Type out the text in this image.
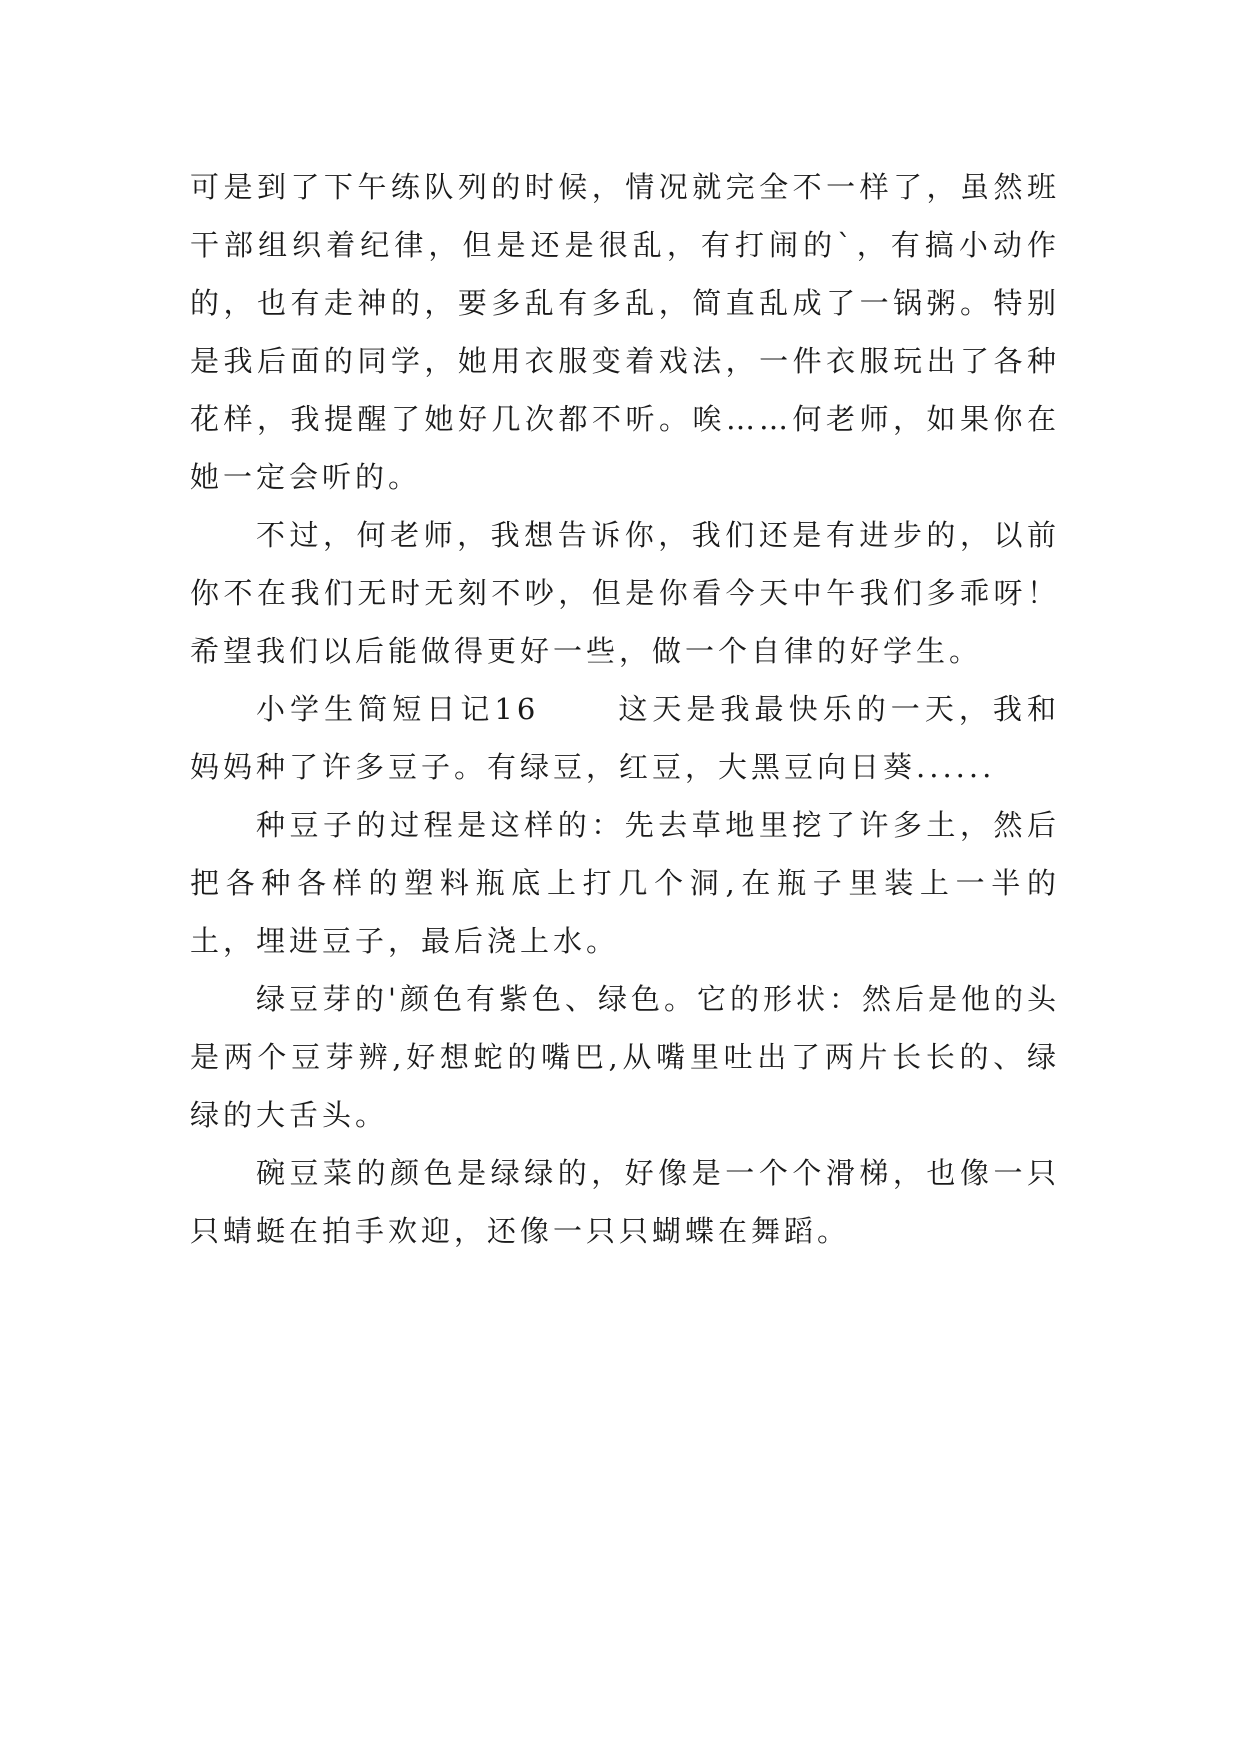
可是到了下午练队列的时候，情况就完全不一样了，虽然班干部组织着纪律，但是还是很乱，有打闹的`，有搞小动作的，也有走神的，要多乱有多乱，简直乱成了一锅粥。特别是我后面的同学，她用衣服变着戏法，一件衣服玩出了各种花样，我提醒了她好几次都不听。唉……何老师，如果你在她一定会听的。

不过，何老师，我想告诉你，我们还是有进步的，以前你不在我们无时无刻不吵，但是你看今天中午我们多乖呀！希望我们以后能做得更好一些，做一个自律的好学生。

小学生简短日记16	这天是我最快乐的一天，我和妈妈种了许多豆子。有绿豆，红豆，大黑豆向日葵......

种豆子的过程是这样的：先去草地里挖了许多土，然后把各种各样的塑料瓶底上打几个洞,在瓶子里装上一半的土，埋进豆子，最后浇上水。

绿豆芽的'颜色有紫色、绿色。它的形状：然后是他的头是两个豆芽辨,好想蛇的嘴巴,从嘴里吐出了两片长长的、绿绿的大舌头。

碗豆菜的颜色是绿绿的，好像是一个个滑梯，也像一只只蜻蜓在拍手欢迎，还像一只只蝴蝶在舞蹈。
